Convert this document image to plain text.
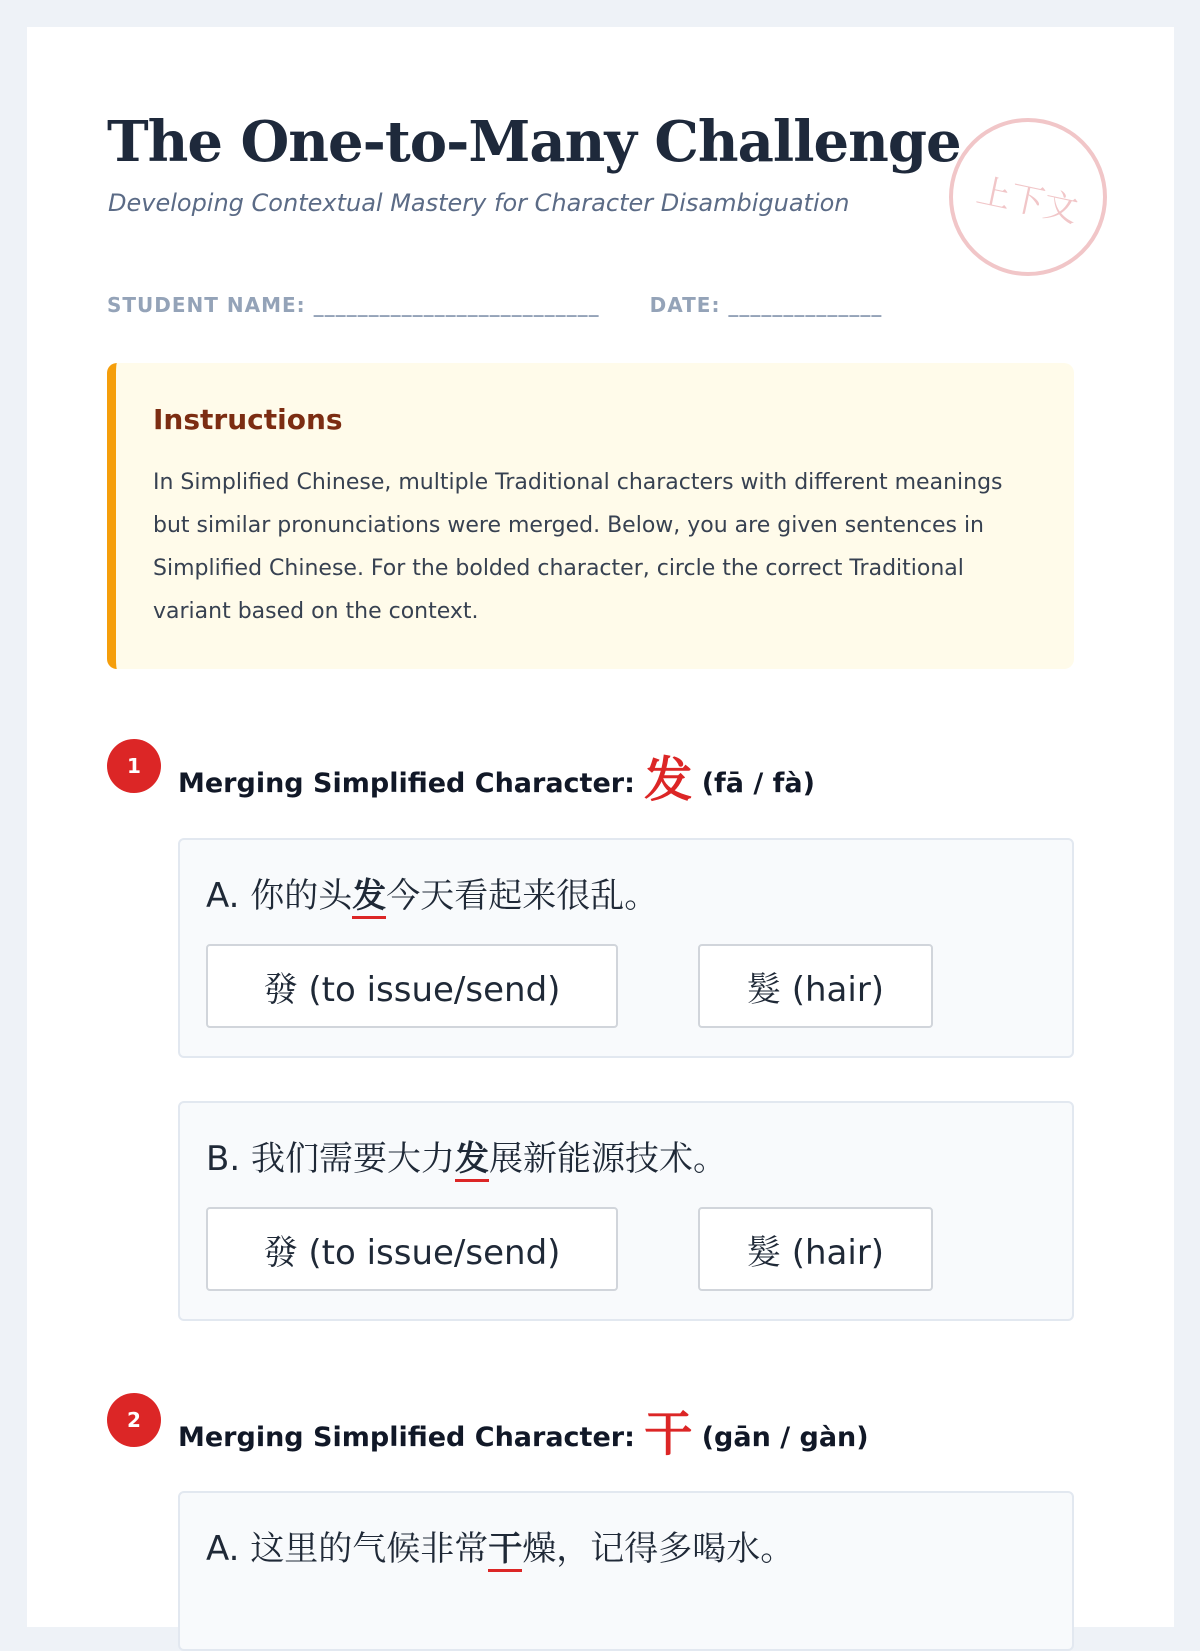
The One-to-Many Challenge
Developing Contextual Mastery for Character Disambiguation	上下文
STUDENT NAME: __________________________	DATE: ______________
Instructions
In Simplified Chinese, multiple Traditional characters with different meanings but similar pronunciations were merged. Below, you are given sentences in Simplified Chinese. For the bolded character, circle the correct Traditional variant based on the context.
1
Merging Simplified Character: 发 (fā / fà)
A. 你的头发今天看起来很乱。
發 (to issue/send)	髮 (hair)
B. 我们需要大力发展新能源技术。
發 (to issue/send)	髮 (hair)
2
Merging Simplified Character: 干 (gān / gàn)
A. 这里的气候非常干燥，记得多喝水。
